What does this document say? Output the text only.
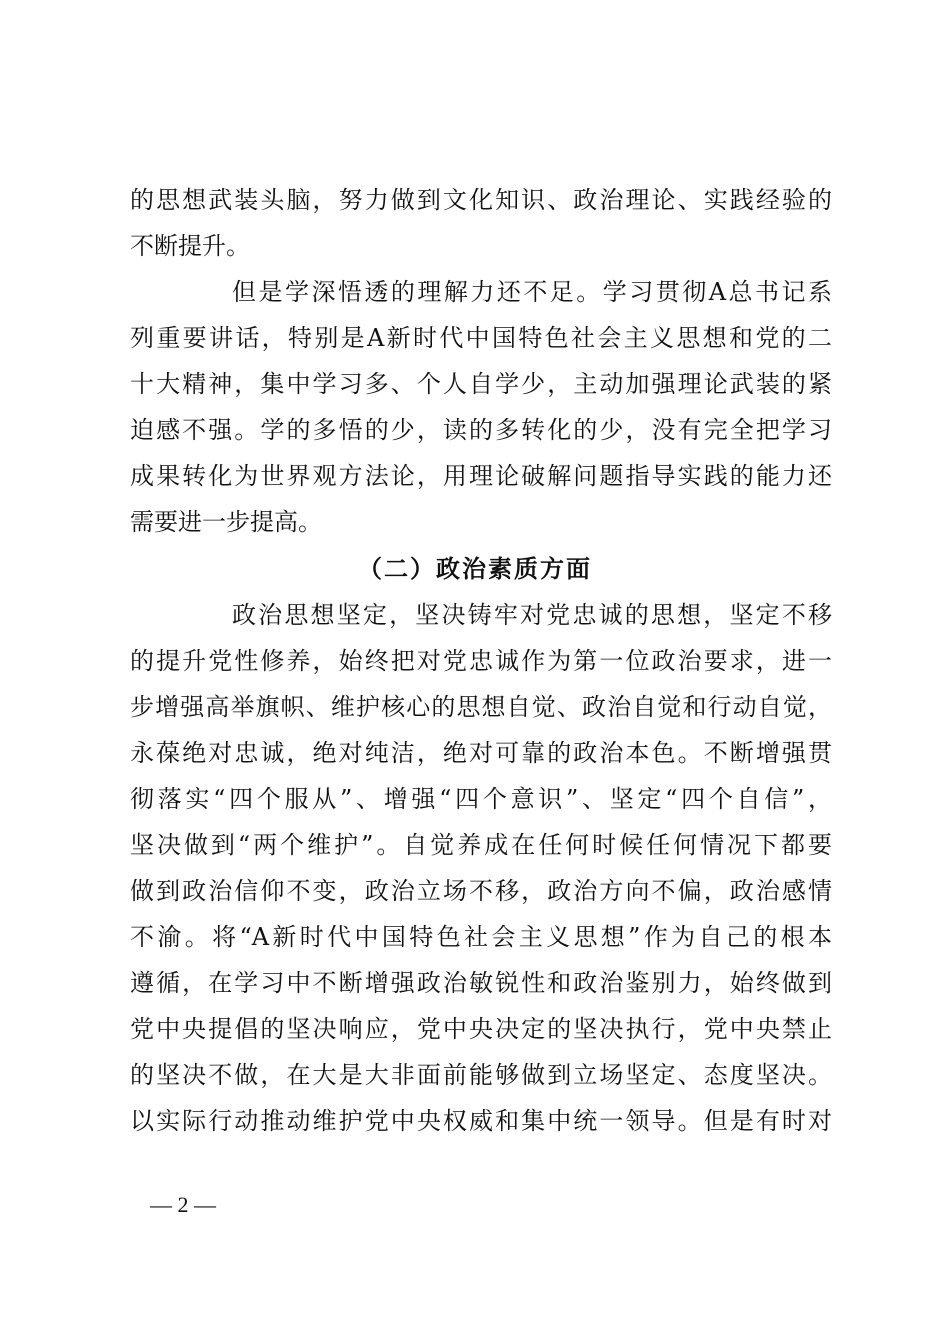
的思想武装头脑，努力做到文化知识、政治理论、实践经验的
不断提升。
但是学深悟透的理解力还不足。学习贯彻A总书记系
列重要讲话，特别是A新时代中国特色社会主义思想和党的二
十大精神，集中学习多、个人自学少，主动加强理论武装的紧
迫感不强。学的多悟的少，读的多转化的少，没有完全把学习
成果转化为世界观方法论，用理论破解问题指导实践的能力还
需要进一步提高。
（二）政治素质方面
政治思想坚定，坚决铸牢对党忠诚的思想，坚定不移
的提升党性修养，始终把对党忠诚作为第一位政治要求，进一
步增强高举旗帜、维护核心的思想自觉、政治自觉和行动自觉，
永葆绝对忠诚，绝对纯洁，绝对可靠的政治本色。不断增强贯
彻落实“四个服从”、增强“四个意识”、坚定“四个自信”，
坚决做到“两个维护”。自觉养成在任何时候任何情况下都要
做到政治信仰不变，政治立场不移，政治方向不偏，政治感情
不渝。将“A新时代中国特色社会主义思想”作为自己的根本
遵循，在学习中不断增强政治敏锐性和政治鉴别力，始终做到
党中央提倡的坚决响应，党中央决定的坚决执行，党中央禁止
的坚决不做，在大是大非面前能够做到立场坚定、态度坚决。
以实际行动推动维护党中央权威和集中统一领导。但是有时对
— 2 —
